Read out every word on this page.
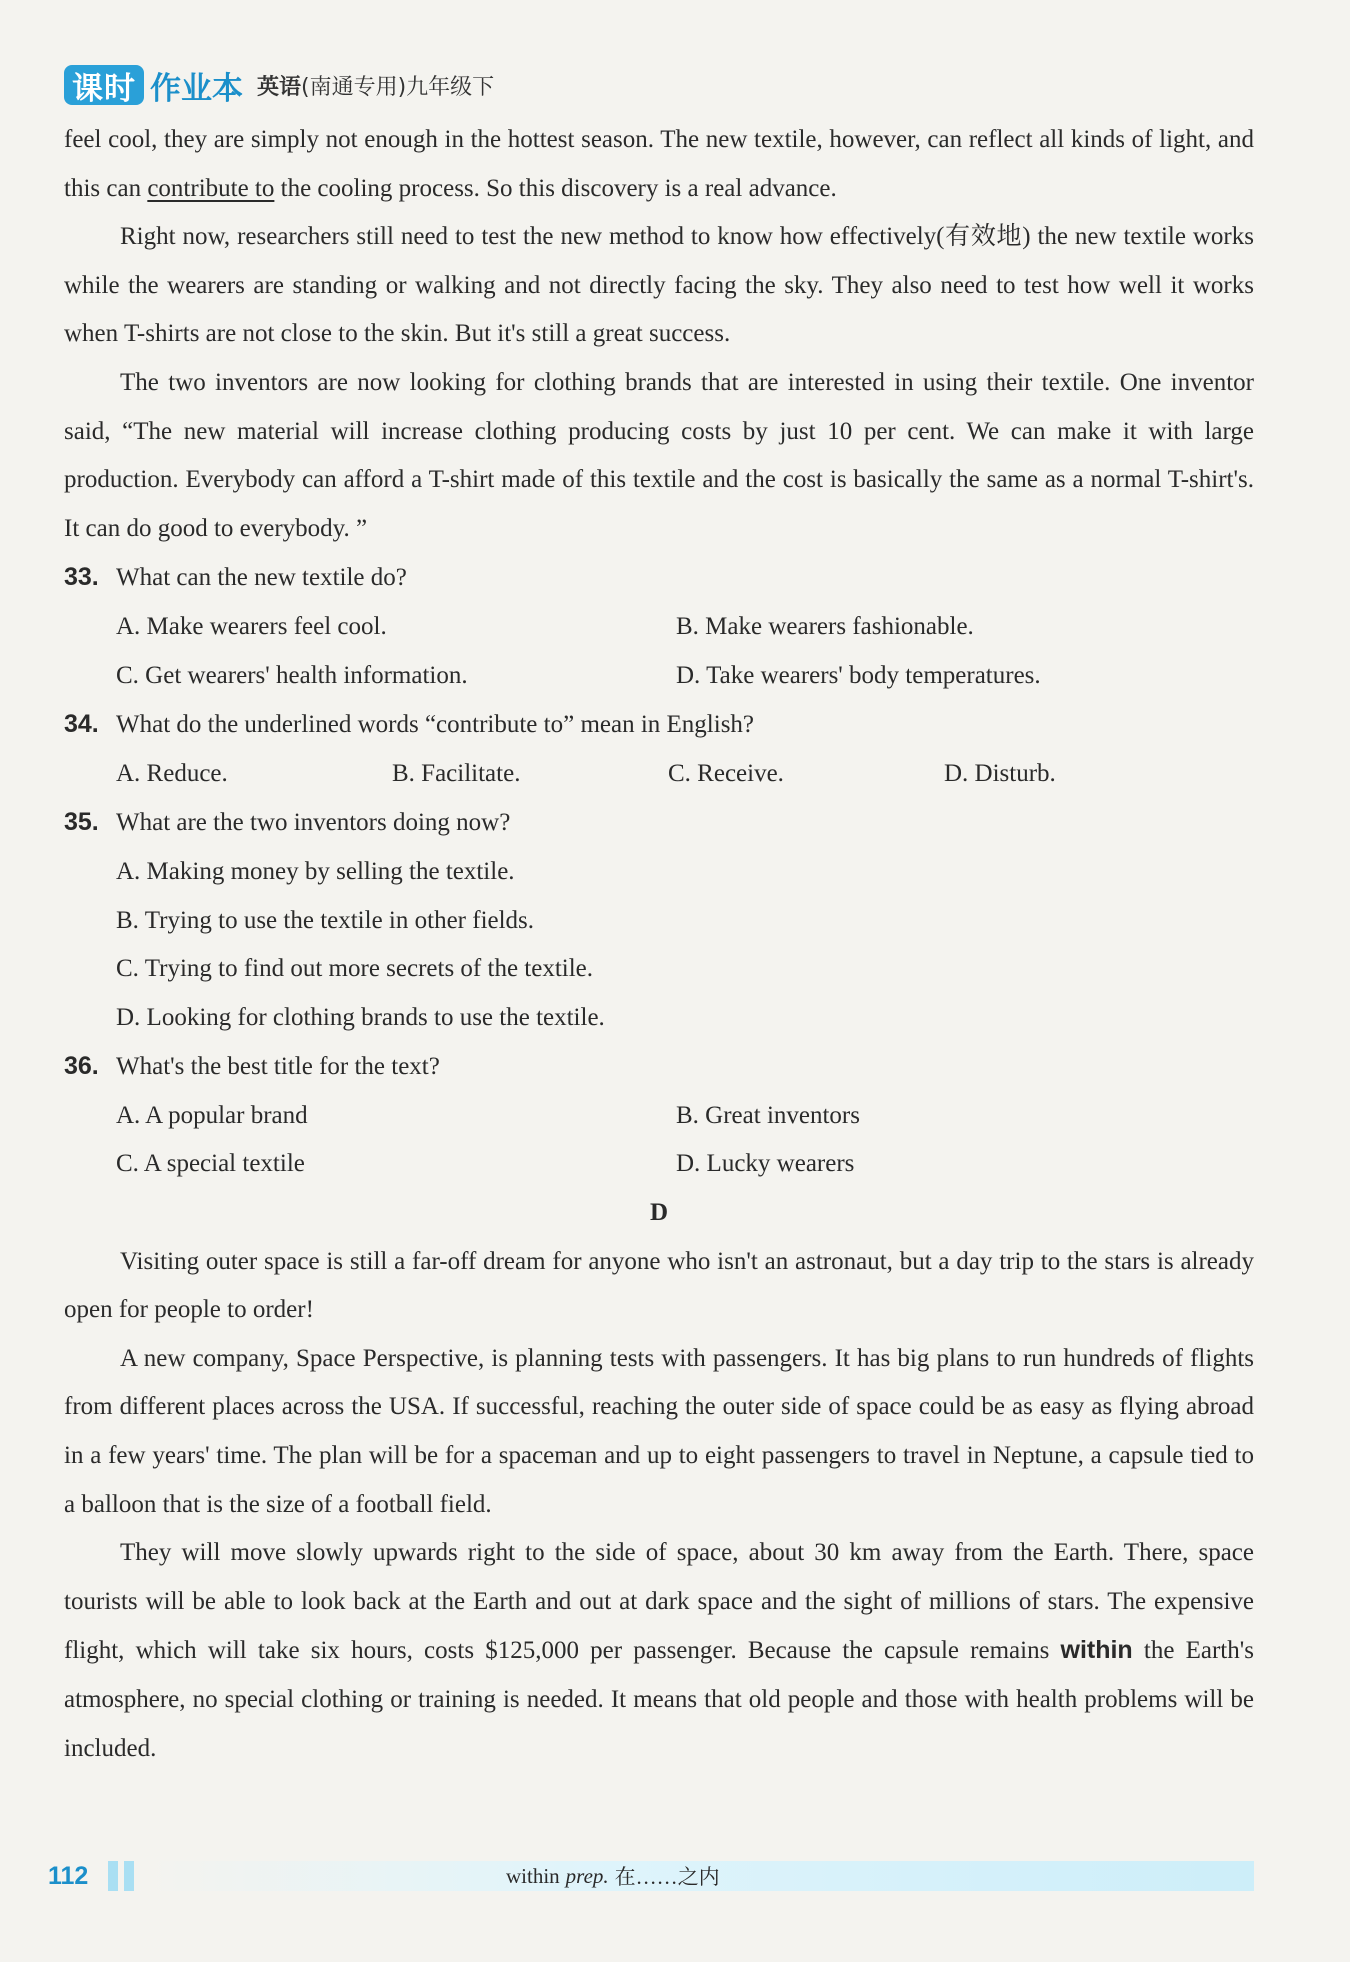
课时 作业本 英语(南通专用)九年级下

feel cool, they are simply not enough in the hottest season. The new textile, however, can reflect all kinds of light, and this can contribute to the cooling process. So this discovery is a real advance.

Right now, researchers still need to test the new method to know how effectively(有效地) the new textile works while the wearers are standing or walking and not directly facing the sky. They also need to test how well it works when T-shirts are not close to the skin. But it's still a great success.

The two inventors are now looking for clothing brands that are interested in using their textile. One inventor said, “The new material will increase clothing producing costs by just 10 per cent. We can make it with large production. Everybody can afford a T-shirt made of this textile and the cost is basically the same as a normal T-shirt's. It can do good to everybody. ”

33. What can the new textile do?

A. Make wearers feel cool.	B. Make wearers fashionable.
C. Get wearers' health information.	D. Take wearers' body temperatures.

34. What do the underlined words “contribute to” mean in English?

A. Reduce.	B. Facilitate.	C. Receive.	D. Disturb.

35. What are the two inventors doing now?

A. Making money by selling the textile.
B. Trying to use the textile in other fields.
C. Trying to find out more secrets of the textile.
D. Looking for clothing brands to use the textile.

36. What's the best title for the text?

A. A popular brand	B. Great inventors
C. A special textile	D. Lucky wearers

D

Visiting outer space is still a far-off dream for anyone who isn't an astronaut, but a day trip to the stars is already open for people to order!

A new company, Space Perspective, is planning tests with passengers. It has big plans to run hundreds of flights from different places across the USA. If successful, reaching the outer side of space could be as easy as flying abroad in a few years' time. The plan will be for a spaceman and up to eight passengers to travel in Neptune, a capsule tied to a balloon that is the size of a football field.

They will move slowly upwards right to the side of space, about 30 km away from the Earth. There, space tourists will be able to look back at the Earth and out at dark space and the sight of millions of stars. The expensive flight, which will take six hours, costs $125,000 per passenger. Because the capsule remains within the Earth's atmosphere, no special clothing or training is needed. It means that old people and those with health problems will be included.

112	within prep. 在……之内
